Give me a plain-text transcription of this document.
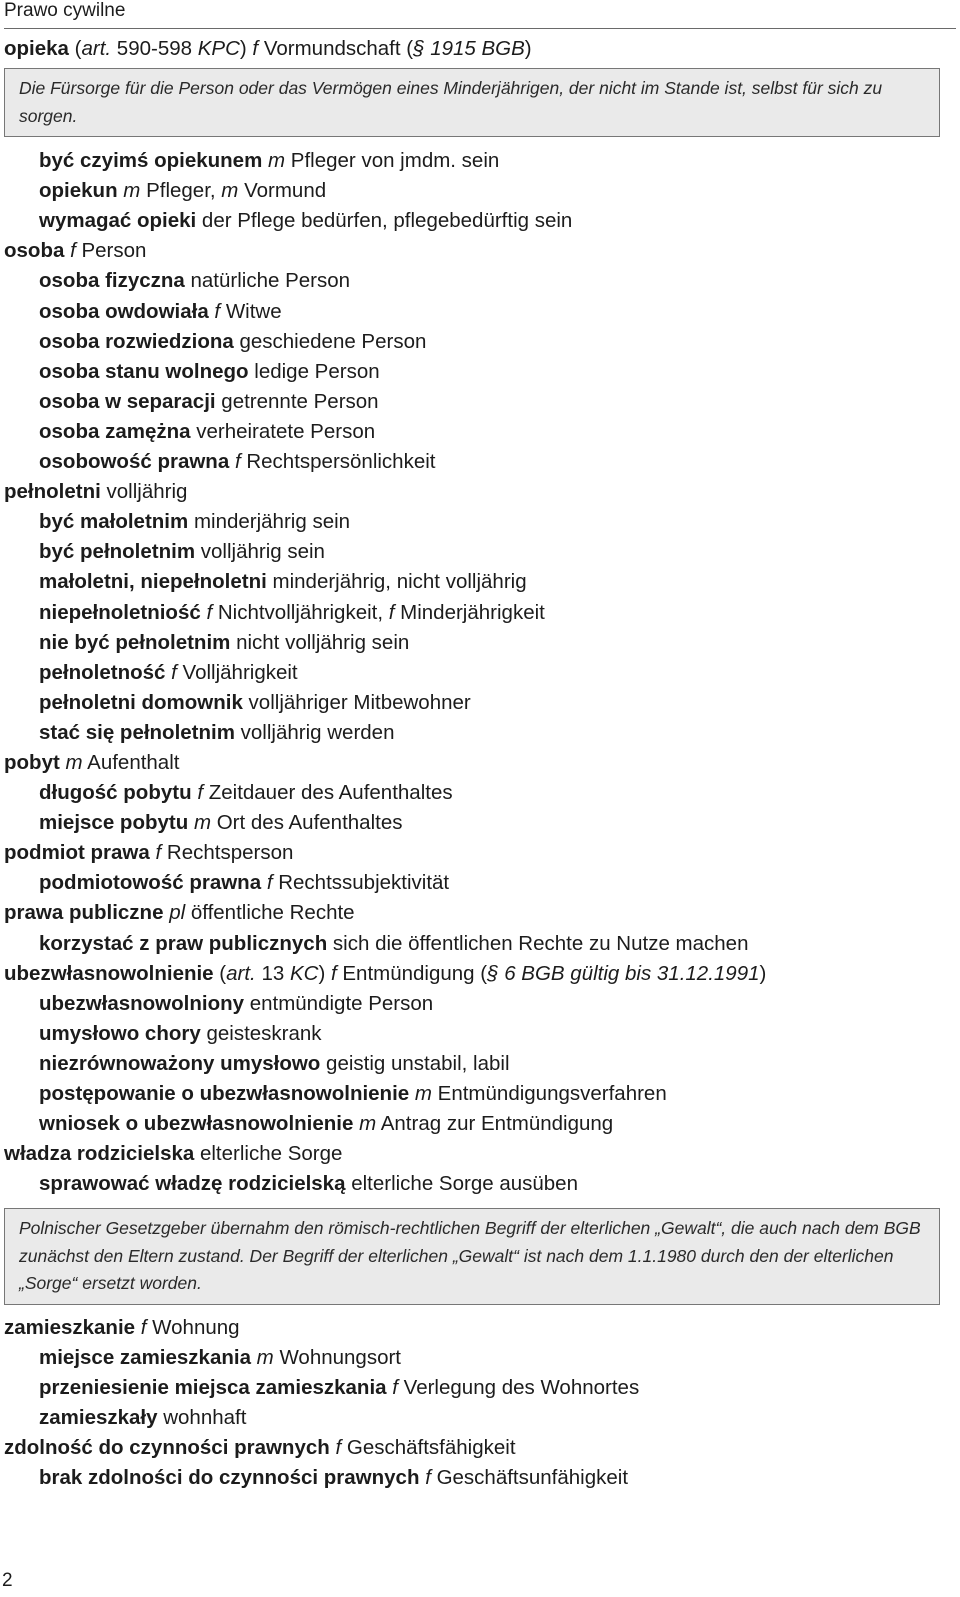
Prawo cywilne
opieka (art. 590-598 KPC) f Vormundschaft (§ 1915 BGB)
Die Fürsorge für die Person oder das Vermögen eines Minderjährigen, der nicht im Stande ist, selbst für sich zu sorgen.
być czyimś opiekunem m Pfleger von jmdm. sein
opiekun m Pfleger, m Vormund
wymagać opieki der Pflege bedürfen, pflegebedürftig sein
osoba f Person
osoba fizyczna natürliche Person
osoba owdowiała f Witwe
osoba rozwiedziona geschiedene Person
osoba stanu wolnego ledige Person
osoba w separacji getrennte Person
osoba zamężna verheiratete Person
osobowość prawna f Rechtspersönlichkeit
pełnoletni volljährig
być małoletnim minderjährig sein
być pełnoletnim volljährig sein
małoletni, niepełnoletni minderjährig, nicht volljährig
niepełnoletniość f Nichtvolljährigkeit, f Minderjährigkeit
nie być pełnoletnim nicht volljährig sein
pełnoletność f Volljährigkeit
pełnoletni domownik volljähriger Mitbewohner
stać się pełnoletnim volljährig werden
pobyt m Aufenthalt
długość pobytu f Zeitdauer des Aufenthaltes
miejsce pobytu m Ort des Aufenthaltes
podmiot prawa f Rechtsperson
podmiotowość prawna f Rechtssubjektivität
prawa publiczne pl öffentliche Rechte
korzystać z praw publicznych sich die öffentlichen Rechte zu Nutze machen
ubezwłasnowolnienie (art. 13 KC) f Entmündigung (§ 6 BGB gültig bis 31.12.1991)
ubezwłasnowolniony entmündigte Person
umysłowo chory geisteskrank
niezrównoważony umysłowo geistig unstabil, labil
postępowanie o ubezwłasnowolnienie m Entmündigungsverfahren
wniosek o ubezwłasnowolnienie m Antrag zur Entmündigung
władza rodzicielska elterliche Sorge
sprawować władzę rodzicielską elterliche Sorge ausüben
Polnischer Gesetzgeber übernahm den römisch-rechtlichen Begriff der elterlichen „Gewalt“, die auch nach dem BGB zunächst den Eltern zustand. Der Begriff der elterlichen „Gewalt“ ist nach dem 1.1.1980 durch den der elterlichen „Sorge“ ersetzt worden.
zamieszkanie f Wohnung
miejsce zamieszkania m Wohnungsort
przeniesienie miejsca zamieszkania f Verlegung des Wohnortes
zamieszkały wohnhaft
zdolność do czynności prawnych f Geschäftsfähigkeit
brak zdolności do czynności prawnych f Geschäftsunfähigkeit
2
